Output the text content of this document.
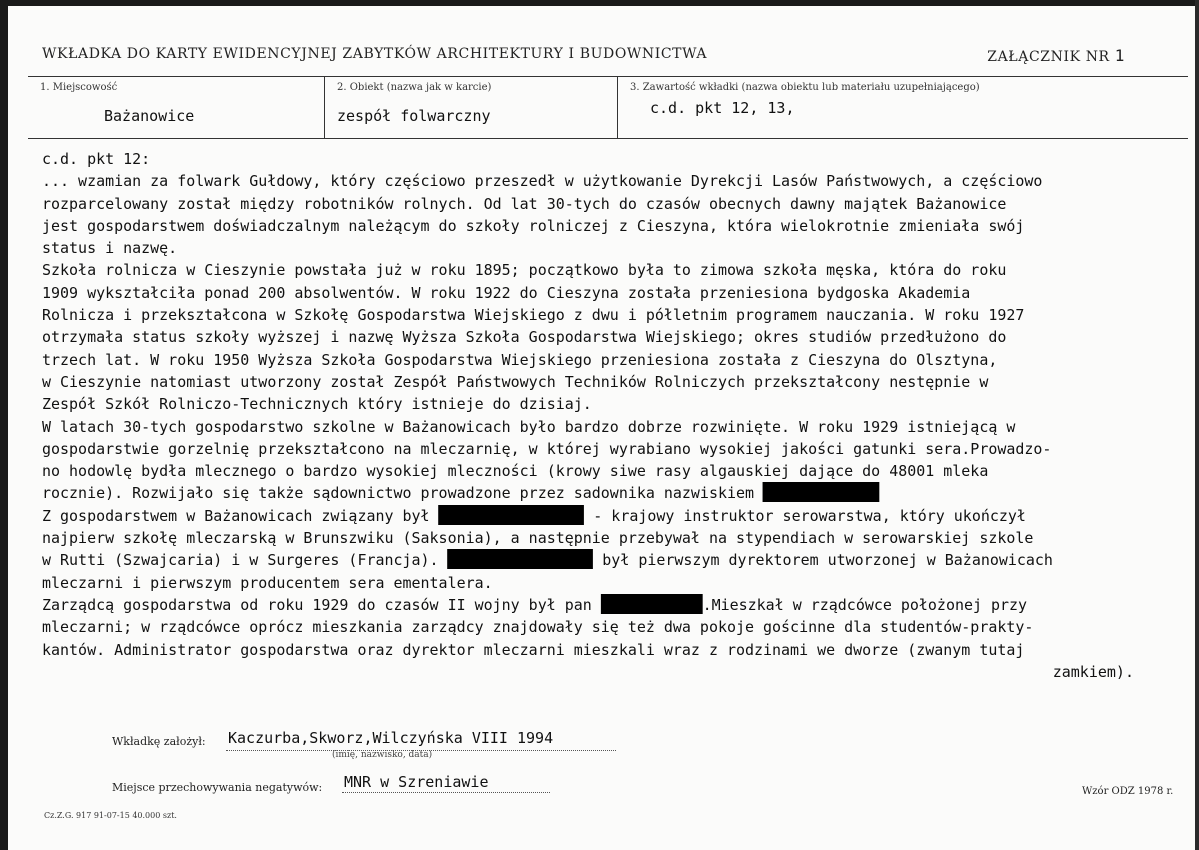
WKŁADKA DO KARTY EWIDENCYJNEJ ZABYTKÓW ARCHITEKTURY I BUDOWNICTWA	ZAŁĄCZNIK NR 1
1. Miejscowość
Bażanowice
2. Obiekt (nazwa jak w karcie)
zespół folwarczny
3. Zawartość wkładki (nazwa obiektu lub materiału uzupełniającego)
c.d. pkt 12, 13,
c.d. pkt 12:
... wzamian za folwark Gułdowy, który częściowo przeszedł w użytkowanie Dyrekcji Lasów Państwowych, a częściowo
rozparcelowany został między robotników rolnych. Od lat 30-tych do czasów obecnych dawny majątek Bażanowice
jest gospodarstwem doświadczalnym należącym do szkoły rolniczej z Cieszyna, która wielokrotnie zmieniała swój
status i nazwę.
Szkoła rolnicza w Cieszynie powstała już w roku 1895; początkowo była to zimowa szkoła męska, która do roku
1909 wykształciła ponad 200 absolwentów. W roku 1922 do Cieszyna została przeniesiona bydgoska Akademia
Rolnicza i przekształcona w Szkołę Gospodarstwa Wiejskiego z dwu i półletnim programem nauczania. W roku 1927
otrzymała status szkoły wyższej i nazwę Wyższa Szkoła Gospodarstwa Wiejskiego; okres studiów przedłużono do
trzech lat. W roku 1950 Wyższa Szkoła Gospodarstwa Wiejskiego przeniesiona została z Cieszyna do Olsztyna,
w Cieszynie natomiast utworzony został Zespół Państwowych Techników Rolniczych przekształcony nestępnie w
Zespół Szkół Rolniczo-Technicznych który istnieje do dzisiaj.
W latach 30-tych gospodarstwo szkolne w Bażanowicach było bardzo dobrze rozwinięte. W roku 1929 istniejącą w
gospodarstwie gorzelnię przekształcono na mleczarnię, w której wyrabiano wysokiej jakości gatunki sera.Prowadzo-
no hodowlę bydła mlecznego o bardzo wysokiej mleczności (krowy siwe rasy algauskiej dające do 48001 mleka
rocznie). Rozwijało się także sądownictwo prowadzone przez sadownika nazwiskiem
Z gospodarstwem w Bażanowicach związany był	- krajowy instruktor serowarstwa, który ukończył
najpierw szkołę mleczarską w Brunszwiku (Saksonia), a następnie przebywał na stypendiach w serowarskiej szkole
w Rutti (Szwajcaria) i w Surgeres (Francja).	był pierwszym dyrektorem utworzonej w Bażanowicach
mleczarni i pierwszym producentem sera ementalera.
Zarządcą gospodarstwa od roku 1929 do czasów II wojny był pan	.Mieszkał w rządcówce położonej przy
mleczarni; w rządcówce oprócz mieszkania zarządcy znajdowały się też dwa pokoje gościnne dla studentów-prakty-
kantów. Administrator gospodarstwa oraz dyrektor mleczarni mieszkali wraz z rodzinami we dworze (zwanym tutaj
zamkiem).
Wkładkę założył: Kaczurba,Skworz,Wilczyńska VIII 1994
(imię, nazwisko, data)
Miejsce przechowywania negatywów: MNR w Szreniawie
Cz.Z.G. 917 91-07-15 40.000 szt.
Wzór ODZ 1978 r.
